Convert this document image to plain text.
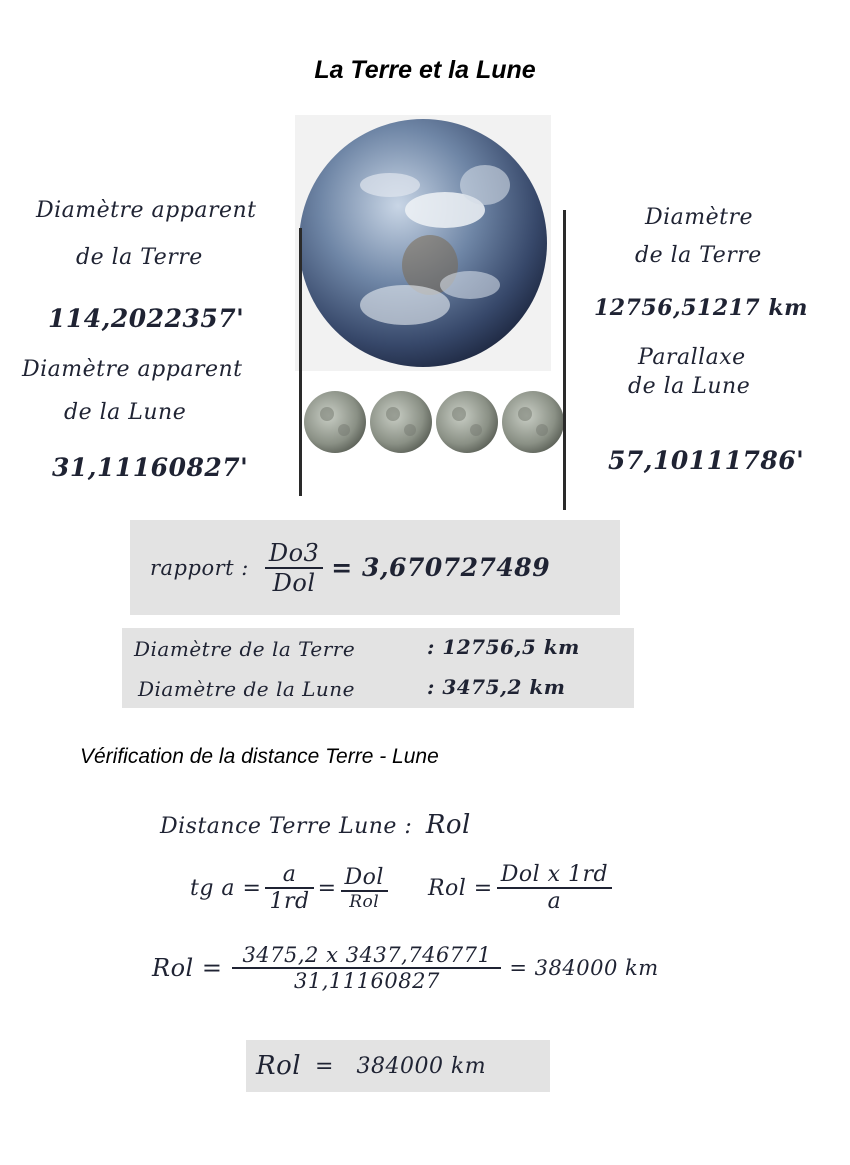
La Terre et la Lune
Diamètre apparent
de la Terre
114,2022357'
Diamètre apparent
de la Lune
31,11160827'
Diamètre
de la Terre
12756,51217 km
Parallaxe
de la Lune
57,10111786'
rapport : $\frac{Do3}{\text{Dol}} = 3,670727489$
Diamètre de la Terre	: 12756,5 km
Diamètre de la Lune	: 3475,2 km
Vérification de la distance Terre - Lune
Distance Terre Lune : Rol
tg $a = \frac{a}{1rd} = \frac{\text{Dol}}{\text{Rol}}$ Rol = $\frac{\text{Dol x 1rd}}{a}$
Rol = $\frac{3475,2 x 3437,746771}{31,11160827} = 384000$ km
Rol =   384000 km
